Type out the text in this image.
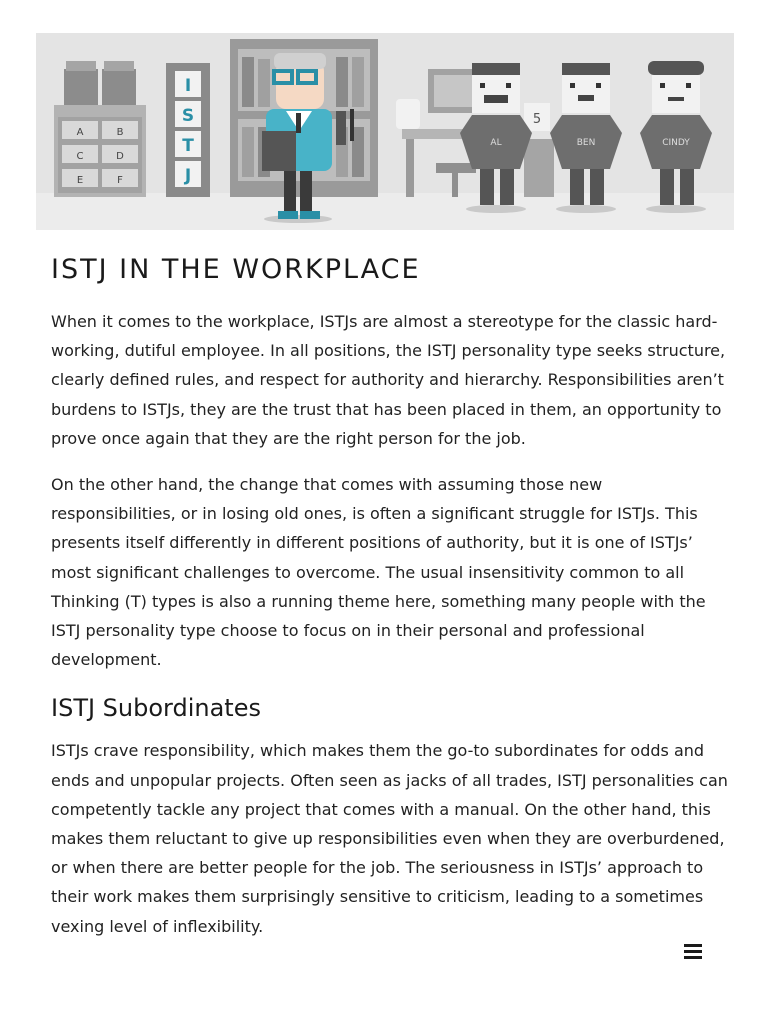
A	B
C	D
E	F
I
S
T
J
5
AL	BEN	CINDY
ISTJ IN THE WORKPLACE

When it comes to the workplace, ISTJs are almost a stereotype for the classic hard-working, dutiful employee. In all positions, the ISTJ personality type seeks structure, clearly defined rules, and respect for authority and hierarchy. Responsibilities aren’t burdens to ISTJs, they are the trust that has been placed in them, an opportunity to prove once again that they are the right person for the job.

On the other hand, the change that comes with assuming those new responsibilities, or in losing old ones, is often a significant struggle for ISTJs. This presents itself differently in different positions of authority, but it is one of ISTJs’ most significant challenges to overcome. The usual insensitivity common to all Thinking (T) types is also a running theme here, something many people with the ISTJ personality type choose to focus on in their personal and professional development.

ISTJ Subordinates

ISTJs crave responsibility, which makes them the go-to subordinates for odds and ends and unpopular projects. Often seen as jacks of all trades, ISTJ personalities can competently tackle any project that comes with a manual. On the other hand, this makes them reluctant to give up responsibilities even when they are overburdened, or when there are better people for the job. The seriousness in ISTJs’ approach to their work makes them surprisingly sensitive to criticism, leading to a sometimes vexing level of inflexibility.
